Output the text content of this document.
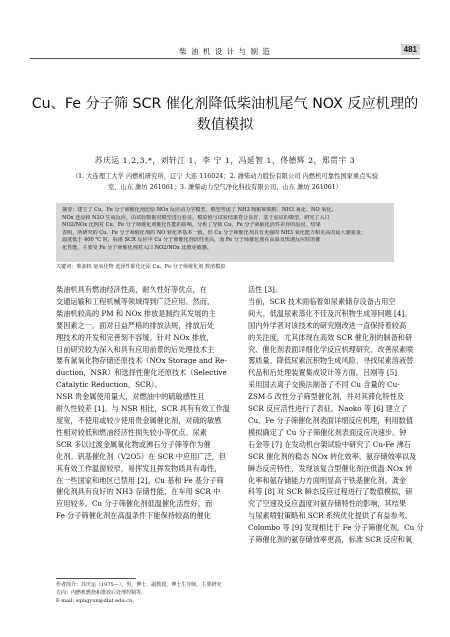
柴 油 机 设 计 与 制 造	481
Cu、Fe 分子筛 SCR 催化剂降低柴油机尾气 NOX 反应机理的
数值模拟
苏庆运 1,2,3,*，刘轩江 1，李 宁 1，冯延智 1，佟德辉 2，郑贯宇 3
（1. 大连理工大学 内燃机研究所，辽宁 大连 116024；2. 潍柴动力股份有限公司 内燃机可靠性国家重点实验
室，山东 潍坊 261061；3. 潍柴动力空气净化科技有限公司，山东 潍坊 261061）

摘要：建立了 Cu、Fe 分子筛催化剂还原 NOx 反应动力学模型，模型考虑了 NH3 吸附和脱附、NH3 氧化、NO 氧化、

NOx 还原和 N2O 生成反应，由试验数据对模型进行验证。模拟值与试验结果符合良好，基于验证的模型，研究了入口

NO2/NOx 比例对 Cu、Fe 分子筛催化剂催化性能的影响，分析了导致 Cu、Fe 分子筛催化活性差异的原因。结果

表明，所研究的 Cu、Fe 分子筛催化剂的 NO 转化率基本一致，但 Cu 分子筛催化剂具有更强的 NH3 氧化能力和更高的最大储氨量；

温度低于 400 ℃ 时，标准 SCR 反应中 Cu 分子筛催化剂活性更高，而 Fe 分子筛催化剂在高温及快速反应时的催

化性能，主要受 Fe 分子筛催化剂对入口 NO2/NOx 比值更敏感。

关键词：柴油机 氨氧化物 选择性催化还原 Cu、Fe 分子筛催化剂 数值模拟

柴油机具有燃油经济性高，耐久性好等优点，在

交通运输和工程机械等领域得到广泛应用。然而，

柴油机较高的 PM 和 NOx 排放是制约其发展的主

要因素之一。面对日益严格的排放法规，排放后处

理技术的开发和完善刻不容缓。针对 NOx 排放，

目前研究较为深入和具有应用前景的后处理技术主

要有氮氧化物存储还原技术（NOx Storage and Re-

duction，NSR）和选择性催化还原技术（Selective

Catalytic Reduction，SCR）。

NSR 贵金属使用量大，对燃油中的硫敏感性且

耐久性较差 [1]。与 NSR 相比，SCR 具有有效工作温

度宽，不使用或较少使用贵金属催化剂，对硫的敏感

性相对较低和燃油经济性损失较小等优点。尿素

SCR 多以过渡金属氧化物或沸石分子筛等作为催

化剂。钒基催化剂（V2O5）在 SCR 中应用广泛，但

其有效工作温窗较窄，易挥发且挥发物质具有毒性，

在一些国家和地区已禁用 [2]。Cu 基和 Fe 基分子筛

催化剂具有良好的 NH3 存储性能，在车用 SCR 中

应用较多。Cu 分子筛催化剂低温催化活性好，而

Fe 分子筛催化剂在高温条件下能保持较高的催化

活性 [3]。

当前，SCR 技术面临着如尿素储存设备占用空

间大、低温尿素蒸化不佳及沉积物生成等问题 [4]。

国内外学者对该技术的研究刚改进一直保持着较高

的关注度，尤其体现在高效 SCR 催化剂的制备和研

究、催化剂表面详细化学反应机理研究、改善尿素喷

雾质量、降低尿素沉积物生成风险、寻找尿素溶液替

代品和后处理装置集成设计等方面。吕刚等 [5]

采用国去离子交换法制备了不同 Cu 含量的 Cu-

ZSM-5 改性分子筛型催化剂，并对其滞化特性及

SCR 反应活性进行了表征。Naoko 等 [6] 建立了

Cu、Fe 分子筛催化剂表面详细反应机理，利用数值

模拟确定了 Cu 分子筛催化剂表面反应决速步。钟

石金等 [7] 在发动机台架试验中研究了 Cu-Fe 沸石

SCR 催化剂的稳态 NOx 转化效率、氨存储效率以及

瞬态反应特性，发现该复合型催化剂在低温 NOx 转

化率和氨存储能力方面明显高于铁基催化剂。龚金

科等 [8] 对 SCR 瞬态反应过程进行了数值模拟，研

究了空速及反应温度对氨存储特性的影响，其结果

与尿素喷射策略和 SCR 系统优化提供了有益参考。

Colombo 等 [9] 发现相比于 Fe 分子筛催化剂，Cu 分

子筛催化剂的氨存储效率更高，标准 SCR 反应和氧

作者简介：苏庆运（1975—），男，博士，副教授，博士生导师，主要研究

方向：内燃机燃烧和排放后处理控制等。

E-mail: sqingyun@dlut.edu.cn。
